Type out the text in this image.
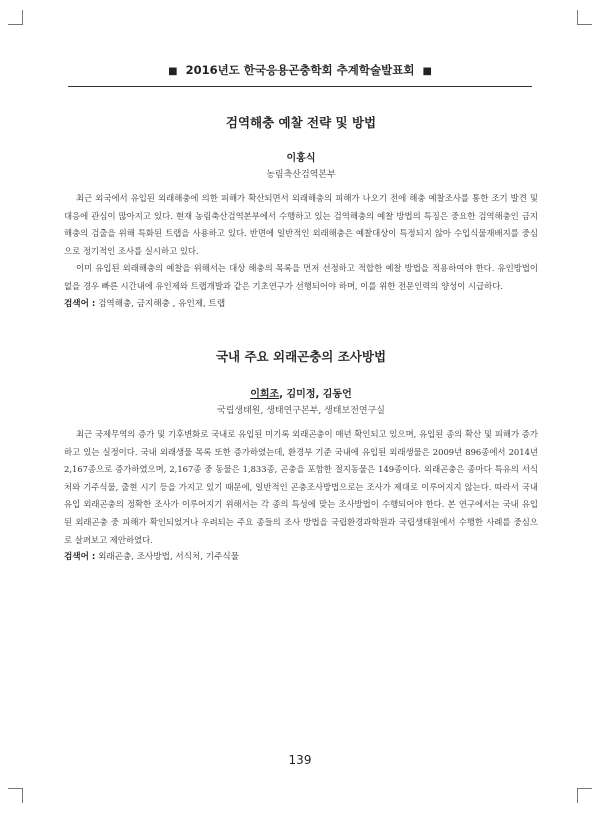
■ 2016년도 한국응용곤충학회 추계학술발표회 ■
검역해충 예찰 전략 및 방법
이홍식
농림축산검역본부

최근 외국에서 유입된 외래해충에 의한 피해가 확산되면서 외래해충의 피해가 나오기 전에 해충 예찰조사를 통한 조기 발견 및 대응에 관심이 많아지고 있다. 현재 농림축산검역본부에서 수행하고 있는 검역해충의 예찰 방법의 특징은 중요한 검역해충인 금지해충의 검출을 위해 특화된 트랩을 사용하고 있다. 반면에 일반적인 외래해충은 예찰대상이 특정되지 않아 수입식물재배지를 중심으로 정기적인 조사를 실시하고 있다.

이미 유입된 외래해충의 예찰을 위해서는 대상 해충의 목록을 먼저 선정하고 적합한 예찰 방법을 적용하여야 한다. 유인방법이 없을 경우 빠른 시간내에 유인제와 트랩개발과 같은 기초연구가 선행되어야 하며, 이를 위한 전문인력의 양성이 시급하다.

검색어 : 검역해충, 금지해충 , 유인제, 트랩
국내 주요 외래곤충의 조사방법
이희조, 김미정, 김동언
국립생태원, 생태연구본부, 생태보전연구실

최근 국제무역의 증가 및 기후변화로 국내로 유입된 미기록 외래곤충이 매년 확인되고 있으며, 유입된 종의 확산 및 피해가 증가하고 있는 실정이다. 국내 외래생물 목록 또한 증가하였는데, 환경부 기준 국내에 유입된 외래생물은 2009년 896종에서 2014년 2,167종으로 증가하였으며, 2,167종 중 동물은 1,833종, 곤충을 포함한 절지동물은 149종이다. 외래곤충은 종마다 특유의 서식처와 기주식물, 출현 시기 등을 가지고 있기 때문에, 일반적인 곤충조사방법으로는 조사가 제대로 이루어지지 않는다. 따라서 국내 유입 외래곤충의 정확한 조사가 이루어지기 위해서는 각 종의 특성에 맞는 조사방법이 수행되어야 한다. 본 연구에서는 국내 유입된 외래곤충 중 피해가 확인되었거나 우려되는 주요 종들의 조사 방법을 국립환경과학원과 국립생태원에서 수행한 사례를 중심으로 살펴보고 제안하였다.

검색어 : 외래곤충, 조사방법, 서식처, 기주식물
139
